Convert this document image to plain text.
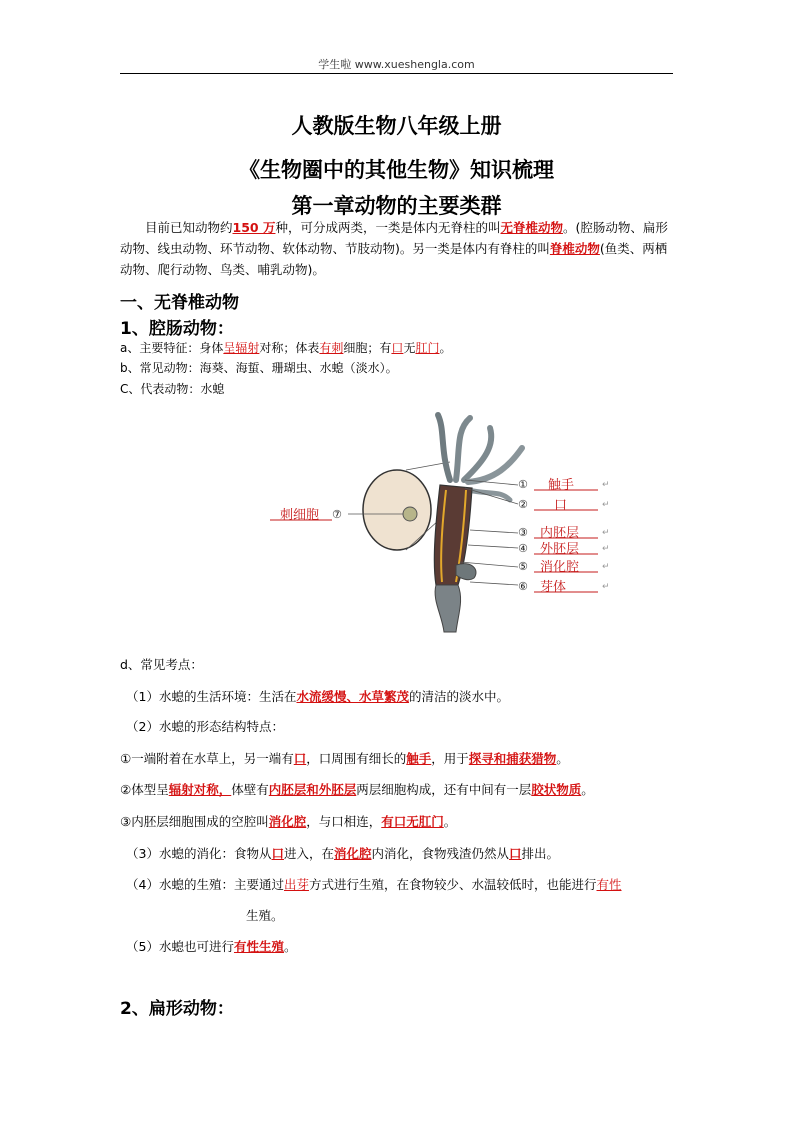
学生啦 www.xueshengla.com
人教版生物八年级上册
《生物圈中的其他生物》知识梳理
第一章动物的主要类群
目前已知动物约150 万种，可分成两类，一类是体内无脊柱的叫无脊椎动物。(腔肠动物、扁形动物、线虫动物、环节动物、软体动物、节肢动物)。另一类是体内有脊柱的叫脊椎动物(鱼类、两栖动物、爬行动物、鸟类、哺乳动物)。
一、无脊椎动物
1、腔肠动物：
a、主要特征：身体呈辐射对称；体表有刺细胞；有口无肛门。
b、常见动物：海葵、海蜇、珊瑚虫、水螅（淡水）。
C、代表动物：水螅
① 触手	↵
② 口	↵
③ 内胚层	↵
④ 外胚层	↵
⑤ 消化腔	↵
⑥ 芽体	↵
刺细胞 ⑦
d、常见考点：
（1）水螅的生活环境：生活在水流缓慢、水草繁茂的清洁的淡水中。
（2）水螅的形态结构特点：
①一端附着在水草上，另一端有口，口周围有细长的触手，用于探寻和捕获猎物。
②体型呈辐射对称，体壁有内胚层和外胚层两层细胞构成，还有中间有一层胶状物质。
③内胚层细胞围成的空腔叫消化腔，与口相连，有口无肛门。
（3）水螅的消化：食物从口进入，在消化腔内消化，食物残渣仍然从口排出。
（4）水螅的生殖：主要通过出芽方式进行生殖，在食物较少、水温较低时，也能进行有性
生殖。
（5）水螅也可进行有性生殖。
2、扁形动物：
